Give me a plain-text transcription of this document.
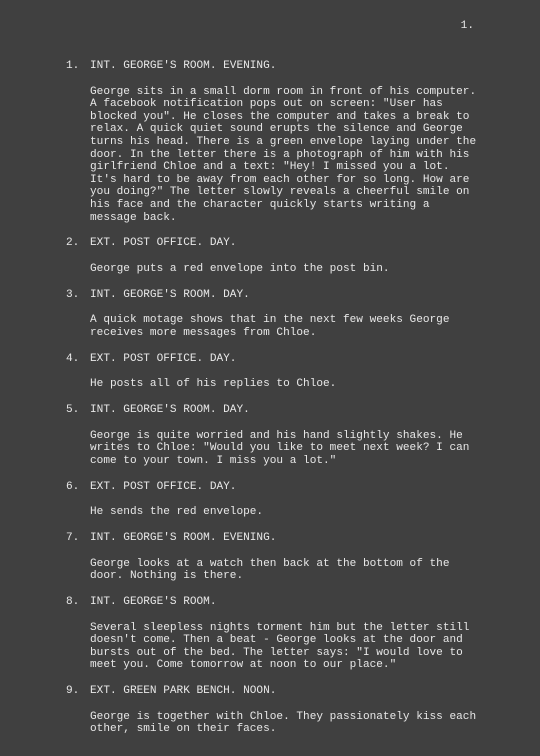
1.

1. INT. GEORGE'S ROOM. EVENING.
George sits in a small dorm room in front of his computer.
A facebook notification pops out on screen: "User has
blocked you". He closes the computer and takes a break to
relax. A quick quiet sound erupts the silence and George
turns his head. There is a green envelope laying under the
door. In the letter there is a photograph of him with his
girlfriend Chloe and a text: "Hey! I missed you a lot.
It's hard to be away from each other for so long. How are
you doing?" The letter slowly reveals a cheerful smile on
his face and the character quickly starts writing a
message back.
2. EXT. POST OFFICE. DAY.
George puts a red envelope into the post bin.
3. INT. GEORGE'S ROOM. DAY.
A quick motage shows that in the next few weeks George
receives more messages from Chloe.
4. EXT. POST OFFICE. DAY.
He posts all of his replies to Chloe.
5. INT. GEORGE'S ROOM. DAY.
George is quite worried and his hand slightly shakes. He
writes to Chloe: "Would you like to meet next week? I can
come to your town. I miss you a lot."
6. EXT. POST OFFICE. DAY.
He sends the red envelope.
7. INT. GEORGE'S ROOM. EVENING.
George looks at a watch then back at the bottom of the
door. Nothing is there.
8. INT. GEORGE'S ROOM.
Several sleepless nights torment him but the letter still
doesn't come. Then a beat - George looks at the door and
bursts out of the bed. The letter says: "I would love to
meet you. Come tomorrow at noon to our place."
9. EXT. GREEN PARK BENCH. NOON.
George is together with Chloe. They passionately kiss each
other, smile on their faces.
